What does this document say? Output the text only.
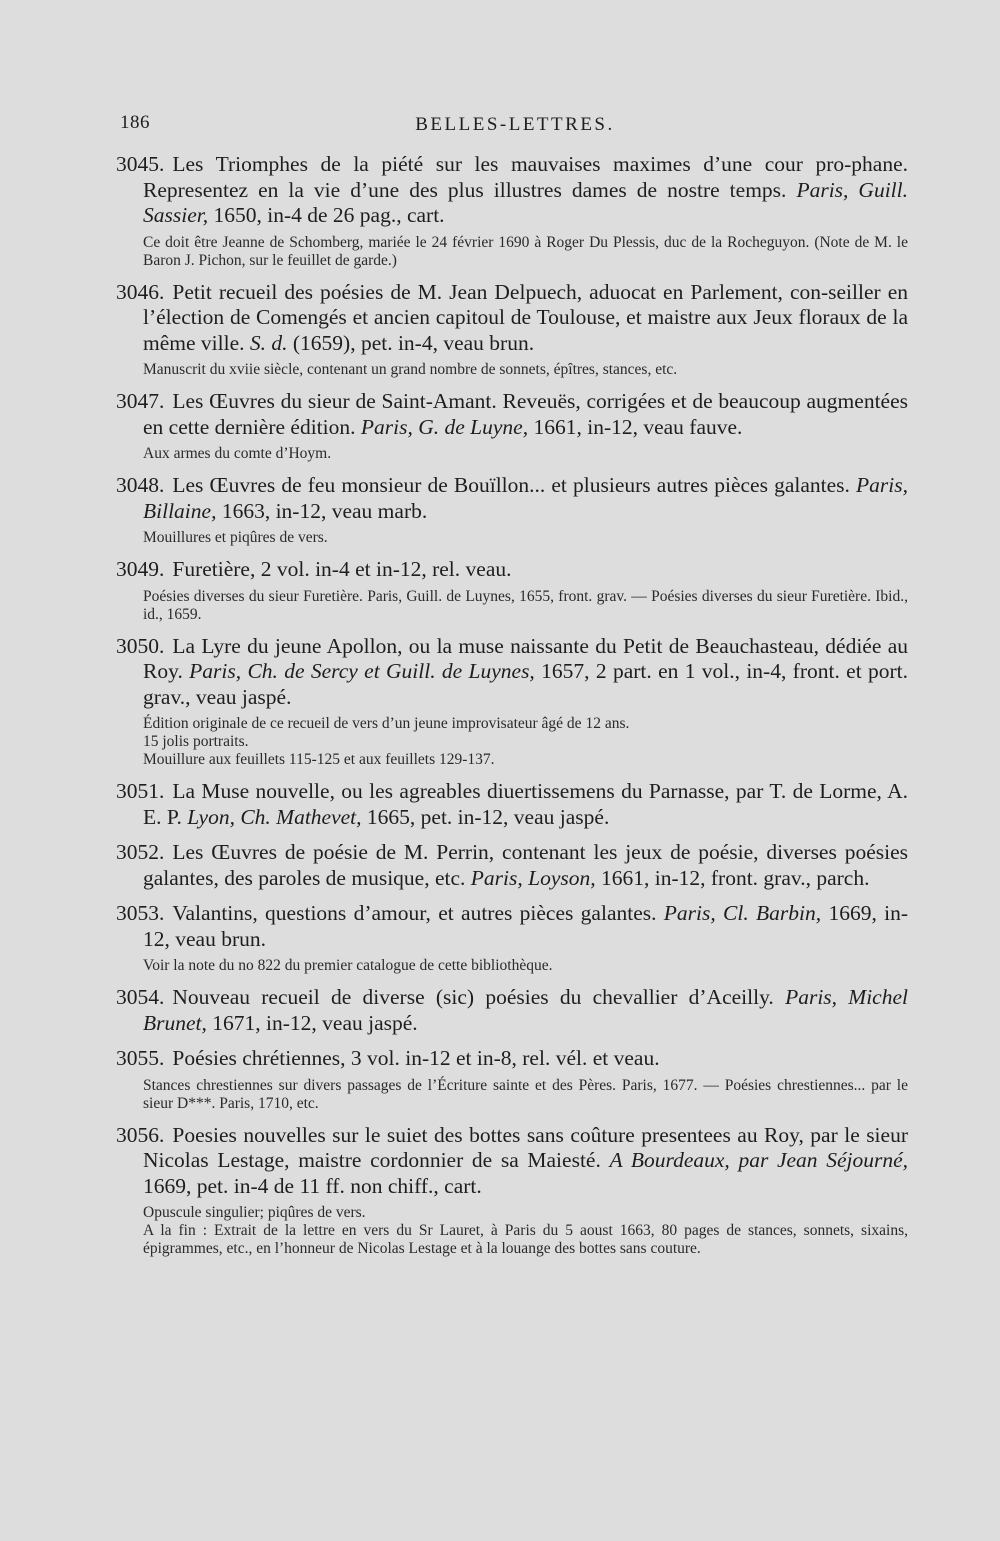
186	BELLES-LETTRES.
3045. Les Triomphes de la piété sur les mauvaises maximes d’une cour pro-phane. Representez en la vie d’une des plus illustres dames de nostre temps. Paris, Guill. Sassier, 1650, in-4 de 26 pag., cart.
Ce doit être Jeanne de Schomberg, mariée le 24 février 1690 à Roger Du Plessis, duc de la Rocheguyon. (Note de M. le Baron J. Pichon, sur le feuillet de garde.)
3046. Petit recueil des poésies de M. Jean Delpuech, aduocat en Parlement, con-seiller en l’élection de Comengés et ancien capitoul de Toulouse, et maistre aux Jeux floraux de la même ville. S. d. (1659), pet. in-4, veau brun.
Manuscrit du xviie siècle, contenant un grand nombre de sonnets, épîtres, stances, etc.
3047. Les Œuvres du sieur de Saint-Amant. Reveuës, corrigées et de beaucoup augmentées en cette dernière édition. Paris, G. de Luyne, 1661, in-12, veau fauve.
Aux armes du comte d’Hoym.
3048. Les Œuvres de feu monsieur de Bouïllon... et plusieurs autres pièces galantes. Paris, Billaine, 1663, in-12, veau marb.
Mouillures et piqûres de vers.
3049. Furetière, 2 vol. in-4 et in-12, rel. veau.
Poésies diverses du sieur Furetière. Paris, Guill. de Luynes, 1655, front. grav. — Poésies diverses du sieur Furetière. Ibid., id., 1659.
3050. La Lyre du jeune Apollon, ou la muse naissante du Petit de Beauchasteau, dédiée au Roy. Paris, Ch. de Sercy et Guill. de Luynes, 1657, 2 part. en 1 vol., in-4, front. et port. grav., veau jaspé.
Édition originale de ce recueil de vers d’un jeune improvisateur âgé de 12 ans.
15 jolis portraits.
Mouillure aux feuillets 115-125 et aux feuillets 129-137.
3051. La Muse nouvelle, ou les agreables diuertissemens du Parnasse, par T. de Lorme, A. E. P. Lyon, Ch. Mathevet, 1665, pet. in-12, veau jaspé.
3052. Les Œuvres de poésie de M. Perrin, contenant les jeux de poésie, diverses poésies galantes, des paroles de musique, etc. Paris, Loyson, 1661, in-12, front. grav., parch.
3053. Valantins, questions d’amour, et autres pièces galantes. Paris, Cl. Barbin, 1669, in-12, veau brun.
Voir la note du no 822 du premier catalogue de cette bibliothèque.
3054. Nouveau recueil de diverse (sic) poésies du chevallier d’Aceilly. Paris, Michel Brunet, 1671, in-12, veau jaspé.
3055. Poésies chrétiennes, 3 vol. in-12 et in-8, rel. vél. et veau.
Stances chrestiennes sur divers passages de l’Écriture sainte et des Pères. Paris, 1677. — Poésies chrestiennes... par le sieur D***. Paris, 1710, etc.
3056. Poesies nouvelles sur le suiet des bottes sans coûture presentees au Roy, par le sieur Nicolas Lestage, maistre cordonnier de sa Maiesté. A Bourdeaux, par Jean Séjourné, 1669, pet. in-4 de 11 ff. non chiff., cart.
Opuscule singulier; piqûres de vers.
A la fin : Extrait de la lettre en vers du Sr Lauret, à Paris du 5 aoust 1663, 80 pages de stances, sonnets, sixains, épigrammes, etc., en l’honneur de Nicolas Lestage et à la louange des bottes sans couture.
